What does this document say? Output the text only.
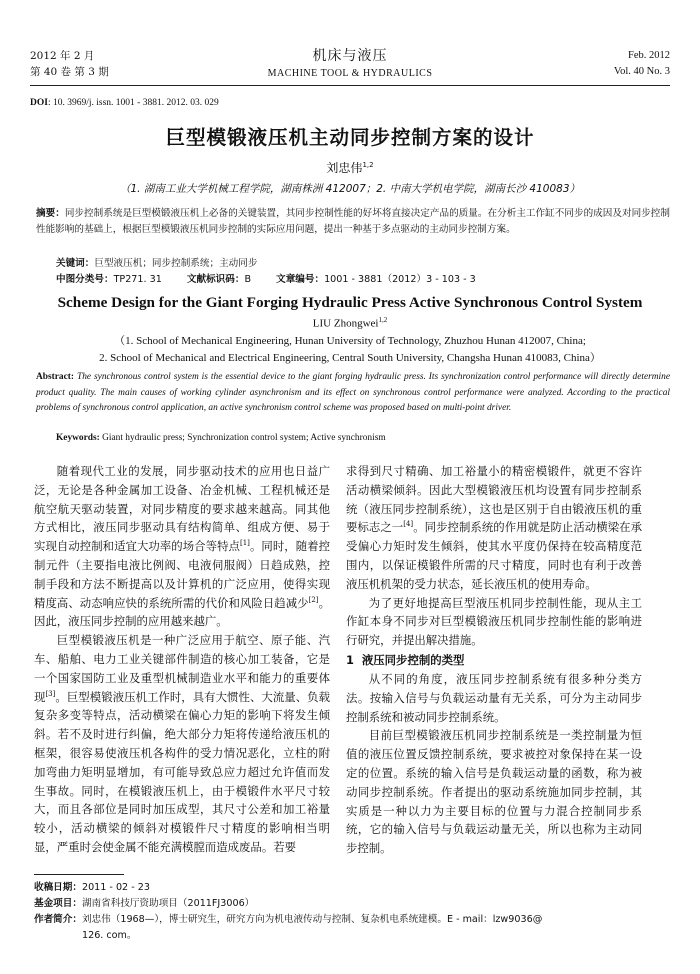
2012 年 2 月
第 40 卷 第 3 期
机床与液压
MACHINE TOOL & HYDRAULICS
Feb. 2012
Vol. 40 No. 3
DOI: 10. 3969/j. issn. 1001 - 3881. 2012. 03. 029
巨型模锻液压机主动同步控制方案的设计
刘忠伟$^{1,2}$
（1. 湖南工业大学机械工程学院，湖南株洲 412007；2. 中南大学机电学院，湖南长沙 410083）
摘要：同步控制系统是巨型模锻液压机上必备的关键装置，其同步控制性能的好坏将直接决定产品的质量。在分析主工作缸不同步的成因及对同步控制性能影响的基础上，根据巨型模锻液压机同步控制的实际应用问题，提出一种基于多点驱动的主动同步控制方案。
关键词：巨型液压机；同步控制系统；主动同步
中图分类号：TP271. 31	文献标识码：B	文章编号：1001 - 3881（2012）3 - 103 - 3
Scheme Design for the Giant Forging Hydraulic Press Active Synchronous Control System
LIU Zhongwei$^{1,2}$
（1. School of Mechanical Engineering, Hunan University of Technology, Zhuzhou Hunan 412007, China;
2. School of Mechanical and Electrical Engineering, Central South University, Changsha Hunan 410083, China）
Abstract: The synchronous control system is the essential device to the giant forging hydraulic press. Its synchronization control performance will directly determine product quality. The main causes of working cylinder asynchronism and its effect on synchronous control performance were analyzed. According to the practical problems of synchronous control application, an active synchronism control scheme was proposed based on multi-point driver.
Keywords: Giant hydraulic press; Synchronization control system; Active synchronism

随着现代工业的发展，同步驱动技术的应用也日益广泛，无论是各种金属加工设备、冶金机械、工程机械还是航空航天驱动装置，对同步精度的要求越来越高。同其他方式相比，液压同步驱动具有结构简单、组成方便、易于实现自动控制和适宜大功率的场合等特点[1]。同时，随着控制元件（主要指电液比例阀、电液伺服阀）日趋成熟，控制手段和方法不断提高以及计算机的广泛应用，使得实现精度高、动态响应快的系统所需的代价和风险日趋减少[2]。因此，液压同步控制的应用越来越广。

巨型模锻液压机是一种广泛应用于航空、原子能、汽车、船舶、电力工业关键部件制造的核心加工装备，它是一个国家国防工业及重型机械制造业水平和能力的重要体现[3]。巨型模锻液压机工作时，具有大惯性、大流量、负载复杂多变等特点，活动横梁在偏心力矩的影响下将发生倾斜。若不及时进行纠偏，绝大部分力矩将传递给液压机的框架，很容易使液压机各构件的受力情况恶化，立柱的附加弯曲力矩明显增加，有可能导致总应力超过允许值而发生事故。同时，在模锻液压机上，由于模锻件水平尺寸较大，而且各部位是同时加压成型，其尺寸公差和加工裕量较小，活动横梁的倾斜对模锻件尺寸精度的影响相当明显，严重时会使金属不能充满模膛而造成废品。若要

求得到尺寸精确、加工裕量小的精密模锻件，就更不容许活动横梁倾斜。因此大型模锻液压机均设置有同步控制系统（液压同步控制系统），这也是区别于自由锻液压机的重要标志之一[4]。同步控制系统的作用就是防止活动横梁在承受偏心力矩时发生倾斜，使其水平度仍保持在较高精度范围内，以保证模锻件所需的尺寸精度，同时也有利于改善液压机机架的受力状态，延长液压机的使用寿命。

为了更好地提高巨型液压机同步控制性能，现从主工作缸本身不同步对巨型模锻液压机同步控制性能的影响进行研究，并提出解决措施。

1 液压同步控制的类型

从不同的角度，液压同步控制系统有很多种分类方法。按输入信号与负载运动量有无关系，可分为主动同步控制系统和被动同步控制系统。

目前巨型模锻液压机同步控制系统是一类控制量为恒值的液压位置反馈控制系统，要求被控对象保持在某一设定的位置。系统的输入信号是负载运动量的函数，称为被动同步控制系统。作者提出的驱动系统施加同步控制，其实质是一种以力为主要目标的位置与力混合控制同步系统，它的输入信号与负载运动量无关，所以也称为主动同步控制。

收稿日期：2011 - 02 - 23
基金项目：湖南省科技厅资助项目（2011FJ3006）
作者简介：刘忠伟（1968—），博士研究生，研究方向为机电液传动与控制、复杂机电系统建模。E - mail：lzw9036@
126. com。
